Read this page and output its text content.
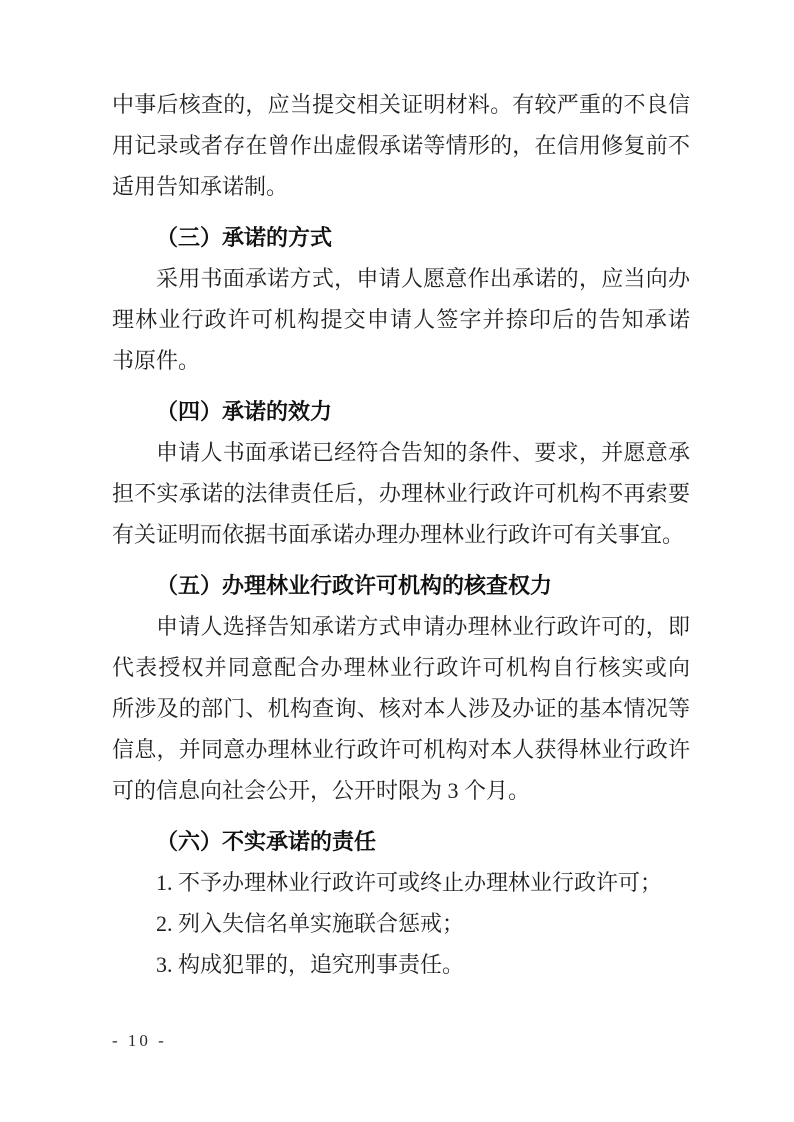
中事后核查的，应当提交相关证明材料。有较严重的不良信
用记录或者存在曾作出虚假承诺等情形的，在信用修复前不
适用告知承诺制。
（三）承诺的方式
采用书面承诺方式，申请人愿意作出承诺的，应当向办
理林业行政许可机构提交申请人签字并捺印后的告知承诺
书原件。
（四）承诺的效力
申请人书面承诺已经符合告知的条件、要求，并愿意承
担不实承诺的法律责任后，办理林业行政许可机构不再索要
有关证明而依据书面承诺办理办理林业行政许可有关事宜。
（五）办理林业行政许可机构的核查权力
申请人选择告知承诺方式申请办理林业行政许可的，即
代表授权并同意配合办理林业行政许可机构自行核实或向
所涉及的部门、机构查询、核对本人涉及办证的基本情况等
信息，并同意办理林业行政许可机构对本人获得林业行政许
可的信息向社会公开，公开时限为 3 个月。
（六）不实承诺的责任
1. 不予办理林业行政许可或终止办理林业行政许可；
2. 列入失信名单实施联合惩戒；
3. 构成犯罪的，追究刑事责任。
- 10 -
